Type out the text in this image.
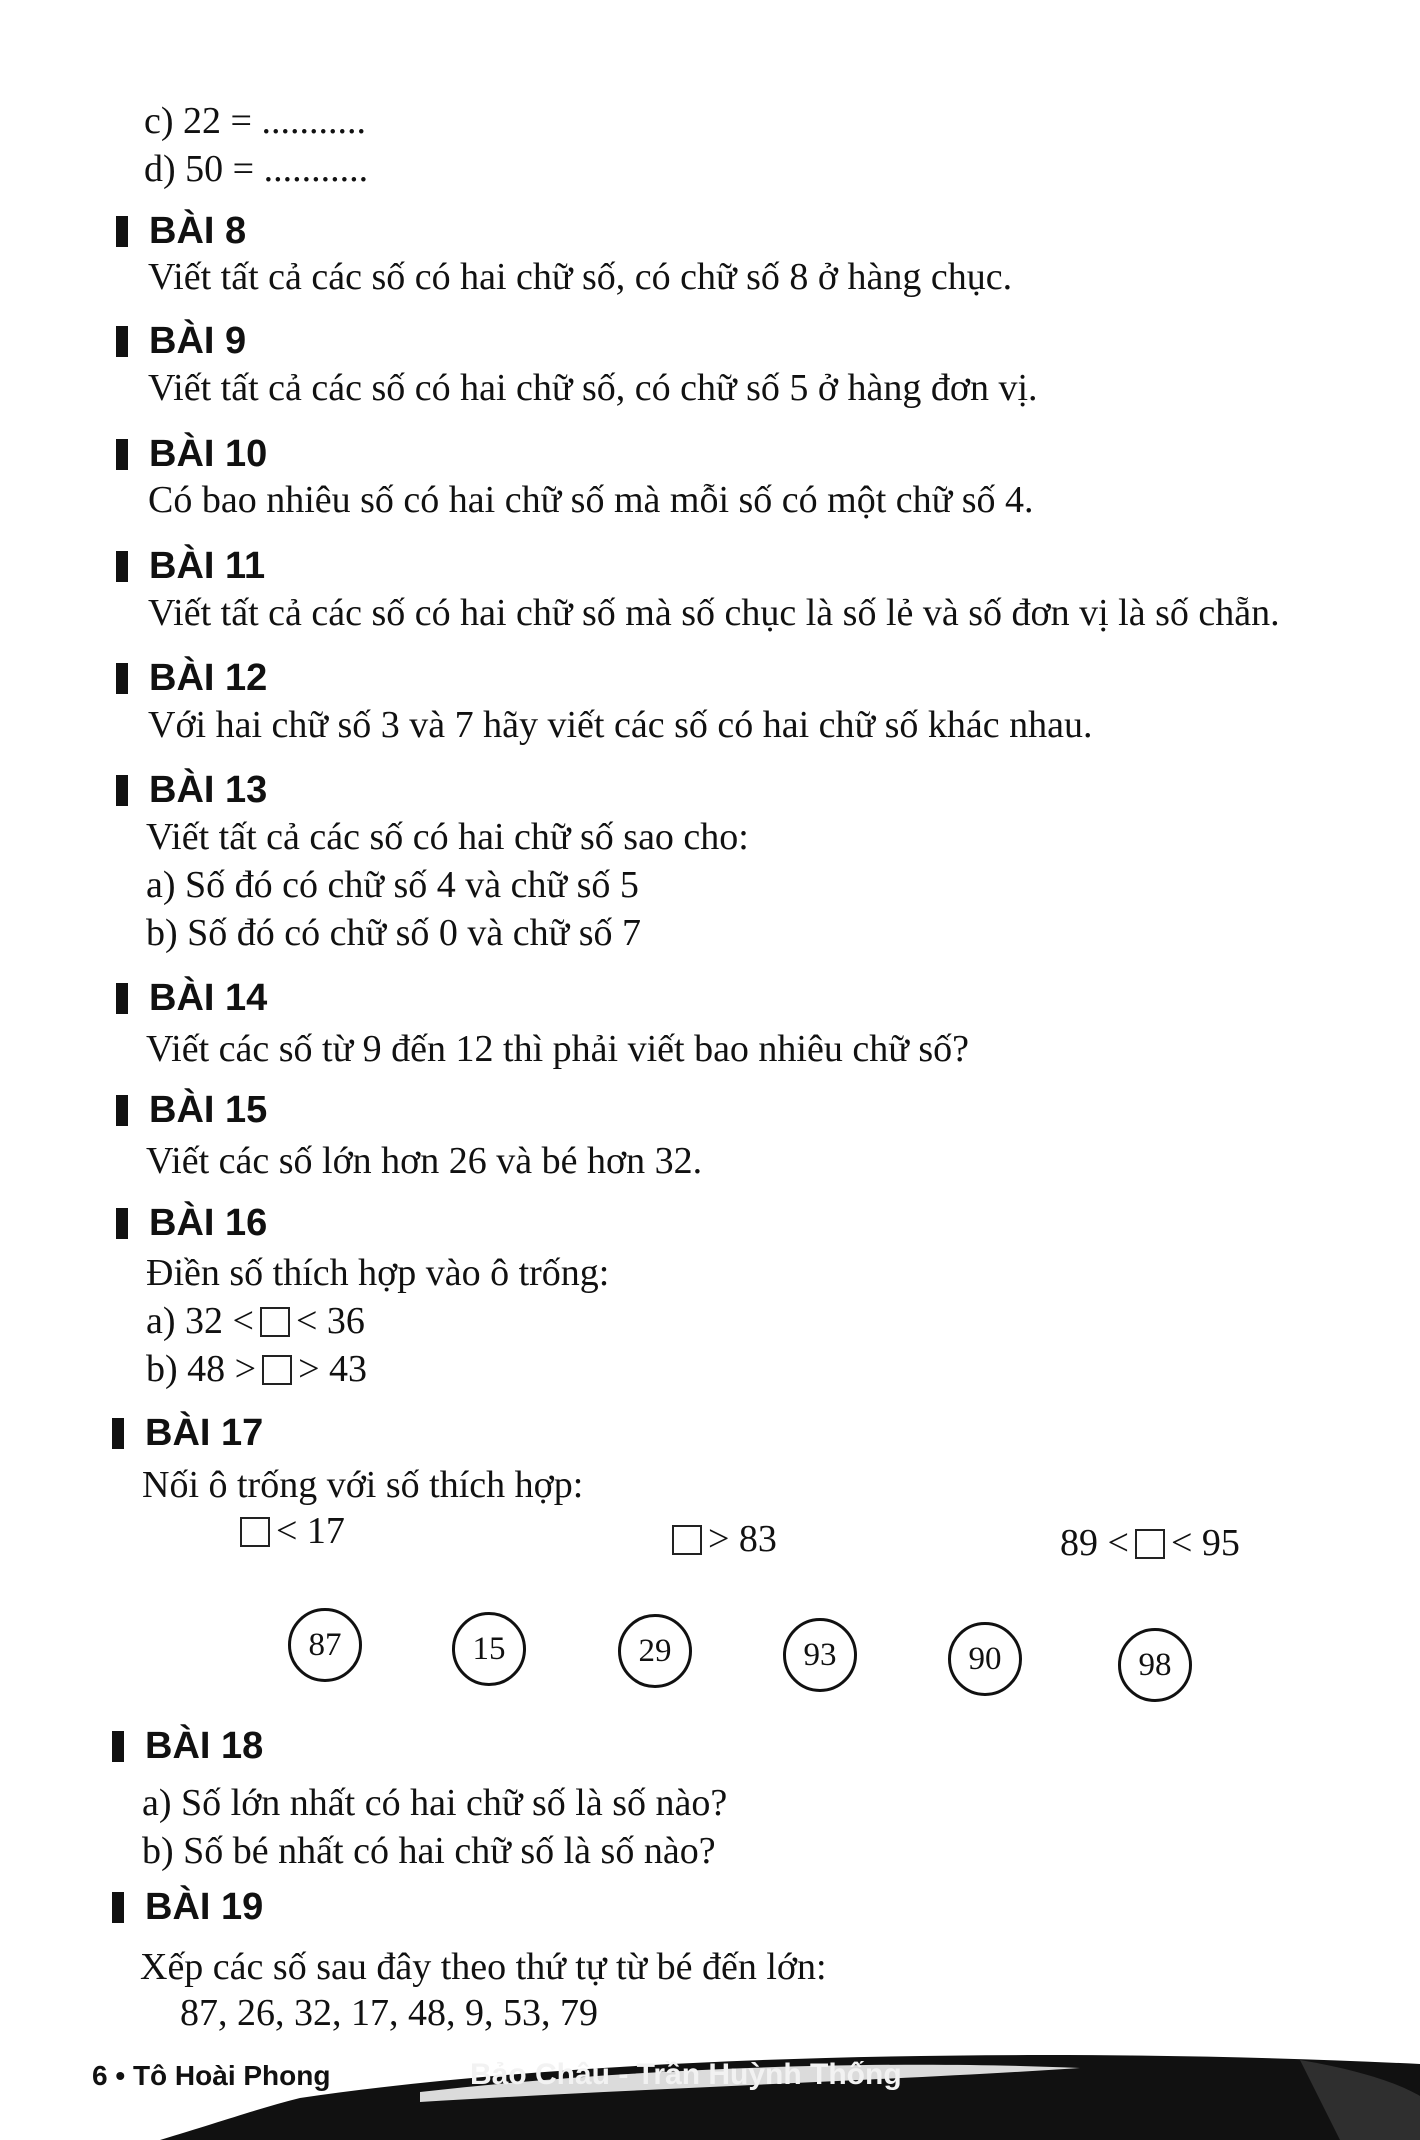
c) 22 = ...........
d) 50 = ...........
BÀI 8
Viết tất cả các số có hai chữ số, có chữ số 8 ở hàng chục.
BÀI 9
Viết tất cả các số có hai chữ số, có chữ số 5 ở hàng đơn vị.
BÀI 10
Có bao nhiêu số có hai chữ số mà mỗi số có một chữ số 4.
BÀI 11
Viết tất cả các số có hai chữ số mà số chục là số lẻ và số đơn vị là số chẵn.
BÀI 12
Với hai chữ số 3 và 7 hãy viết các số có hai chữ số khác nhau.
BÀI 13
Viết tất cả các số có hai chữ số sao cho:
a) Số đó có chữ số 4 và chữ số 5
b) Số đó có chữ số 0 và chữ số 7
BÀI 14
Viết các số từ 9 đến 12 thì phải viết bao nhiêu chữ số?
BÀI 15
Viết các số lớn hơn 26 và bé hơn 32.
BÀI 16
Điền số thích hợp vào ô trống:
a) 32 < < 36
b) 48 > > 43
BÀI 17
Nối ô trống với số thích hợp:
< 17	> 83	89 < < 95
87	15	29	93	90	98
BÀI 18
a) Số lớn nhất có hai chữ số là số nào?
b) Số bé nhất có hai chữ số là số nào?
BÀI 19
Xếp các số sau đây theo thứ tự từ bé đến lớn:
87, 26, 32, 17, 48, 9, 53, 79
6 • Tô Hoài Phong	Bảo Châu - Trần Huỳnh Thống
